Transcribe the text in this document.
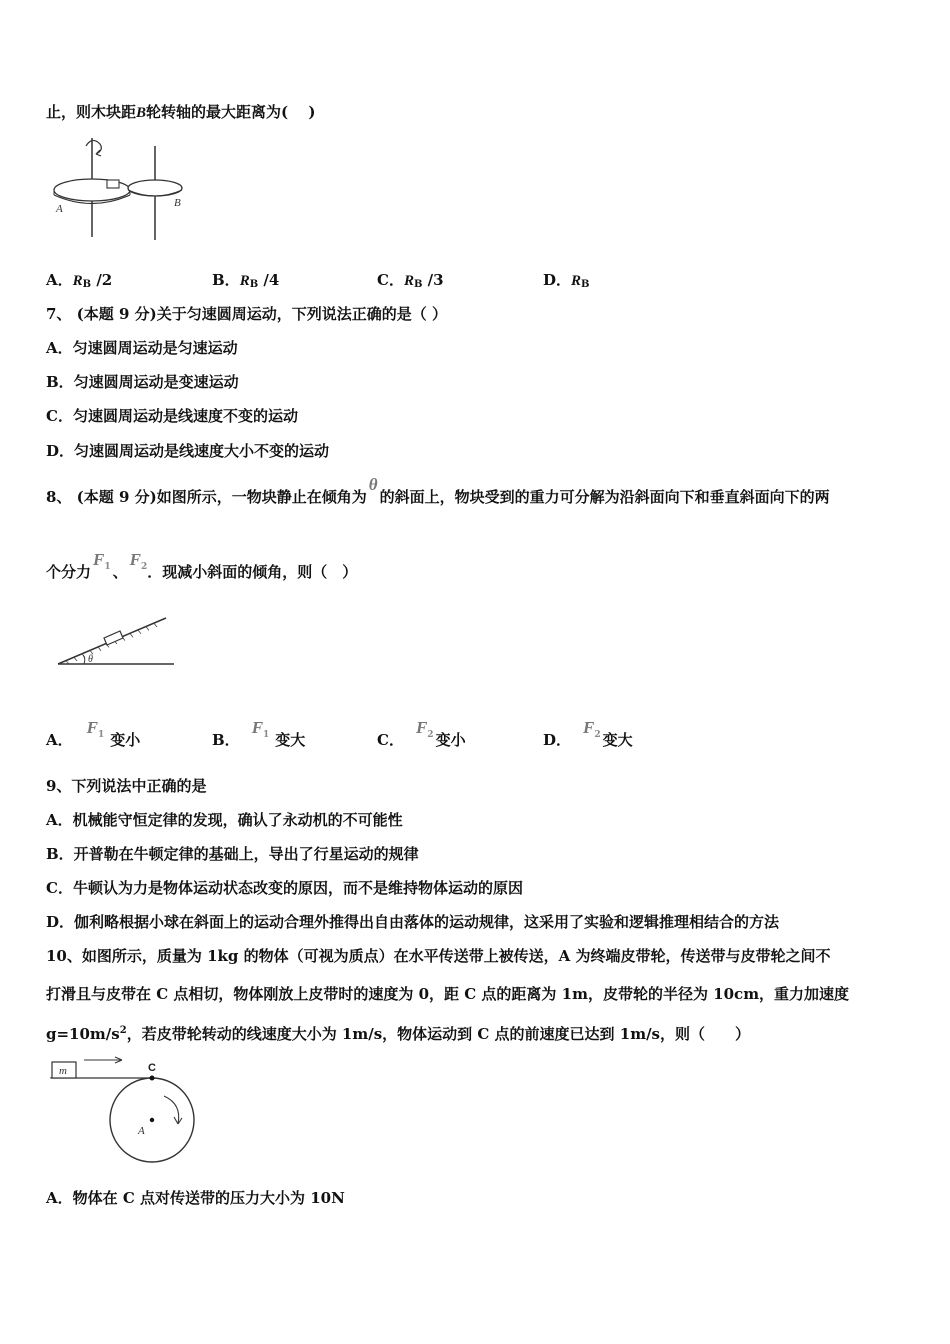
止，则木块距B轮转轴的最大距离为(　 )
A	B
A．$R_B$ /2	B．$R_B$ /4	C．$R_B$ /3	D．$R_B$
7、 (本题 9 分)关于匀速圆周运动，下列说法正确的是（ ）
A．匀速圆周运动是匀速运动
B．匀速圆周运动是变速运动
C．匀速圆周运动是线速度不变的运动
D．匀速圆周运动是线速度大小不变的运动
8、 (本题 9 分)如图所示，一物块静止在倾角为θ的斜面上，物块受到的重力可分解为沿斜面向下和垂直斜面向下的两
个分力$F^1$ 、$F^2$．现减小斜面的倾角，则（　）
θ
A．$F^1$ 变小	B．$F^1$ 变大	C．$F^2$ 变小	D．$F^2$ 变大
9、下列说法中正确的是
A．机械能守恒定律的发现，确认了永动机的不可能性
B．开普勒在牛顿定律的基础上，导出了行星运动的规律
C．牛顿认为力是物体运动状态改变的原因，而不是维持物体运动的原因
D．伽利略根据小球在斜面上的运动合理外推得出自由落体的运动规律，这采用了实验和逻辑推理相结合的方法
10、如图所示，质量为 1kg 的物体（可视为质点）在水平传送带上被传送，A 为终端皮带轮，传送带与皮带轮之间不
打滑且与皮带在 C 点相切，物体刚放上皮带时的速度为 0，距 C 点的距离为 1m，皮带轮的半径为 10cm，重力加速度
$g=10m/s^2$，若皮带轮转动的线速度大小为 1m/s，物体运动到 C 点的前速度已达到 1m/s，则（　　）
m	C
A
A．物体在 C 点对传送带的压力大小为 10N
